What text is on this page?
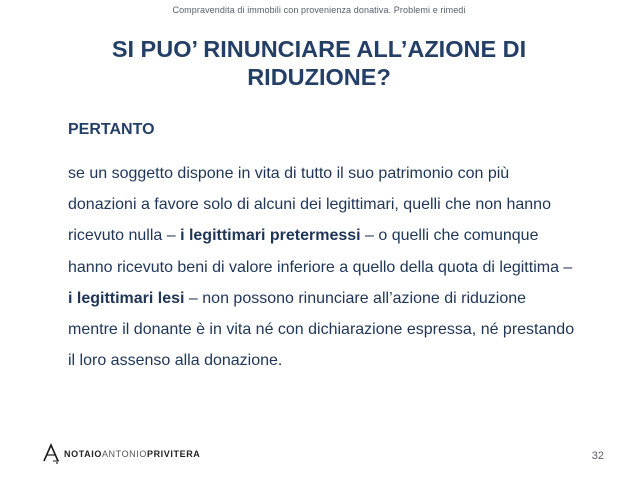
Compravendita di immobili con provenienza donativa. Problemi e rimedi
SI PUO’ RINUNCIARE ALL’AZIONE DI
RIDUZIONE?
PERTANTO

se un soggetto dispone in vita di tutto il suo patrimonio con più donazioni a favore solo di alcuni dei legittimari, quelli che non hanno ricevuto nulla – i legittimari pretermessi – o quelli che comunque hanno ricevuto beni di valore inferiore a quello della quota di legittima – i legittimari lesi – non possono rinunciare all’azione di riduzione mentre il donante è in vita né con dichiarazione espressa, né prestando il loro assenso alla donazione.

NOTAIOANTONIOPRIVITERA	32
